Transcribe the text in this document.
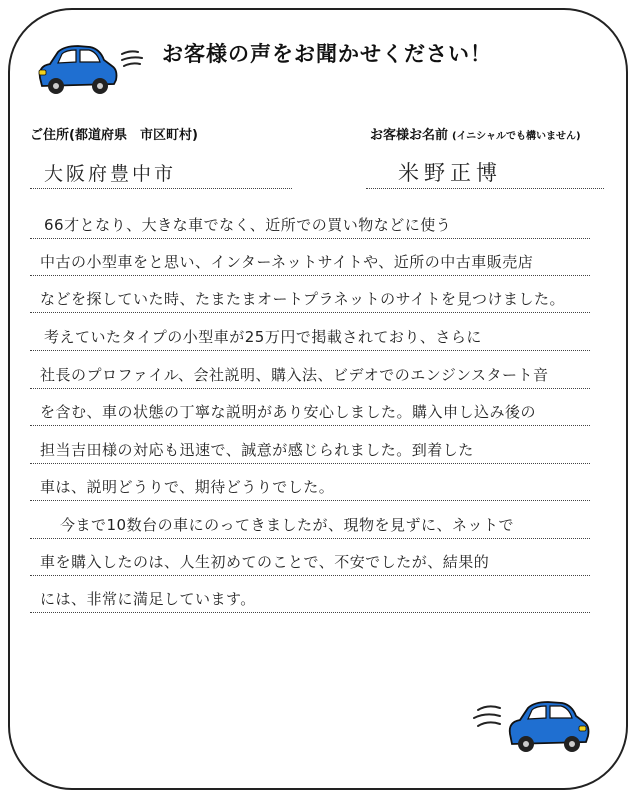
お客様の声をお聞かせください！
ご住所(都道府県　市区町村)	お客様お名前 (イニシャルでも構いません)
大阪府豊中市	米野正博
66才となり、大きな車でなく、近所での買い物などに使う
中古の小型車をと思い、インターネットサイトや、近所の中古車販売店
などを探していた時、たまたまオートプラネットのサイトを見つけました。
考えていたタイプの小型車が25万円で掲載されており、さらに
社長のプロファイル、会社説明、購入法、ビデオでのエンジンスタート音
を含む、車の状態の丁寧な説明があり安心しました。購入申し込み後の
担当吉田様の対応も迅速で、誠意が感じられました。到着した
車は、説明どうりで、期待どうりでした。
今まで10数台の車にのってきましたが、現物を見ずに、ネットで
車を購入したのは、人生初めてのことで、不安でしたが、結果的
には、非常に満足しています。
